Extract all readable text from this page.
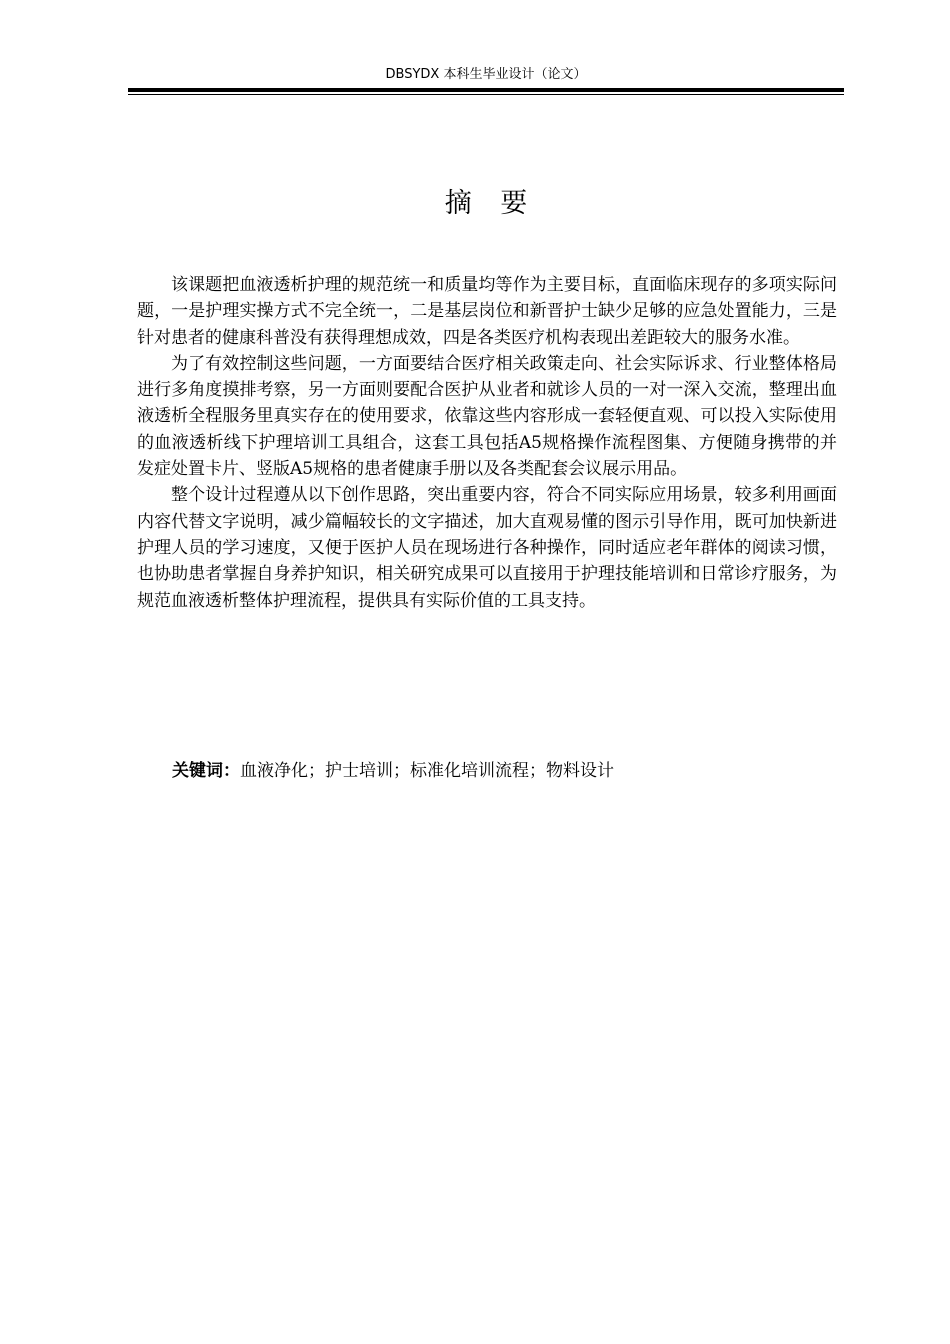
DBSYDX 本科生毕业设计（论文）
摘 要

该课题把血液透析护理的规范统一和质量均等作为主要目标，直面临床现存的多项实际问题，一是护理实操方式不完全统一，二是基层岗位和新晋护士缺少足够的应急处置能力，三是针对患者的健康科普没有获得理想成效，四是各类医疗机构表现出差距较大的服务水准。

为了有效控制这些问题，一方面要结合医疗相关政策走向、社会实际诉求、行业整体格局进行多角度摸排考察，另一方面则要配合医护从业者和就诊人员的一对一深入交流，整理出血液透析全程服务里真实存在的使用要求，依靠这些内容形成一套轻便直观、可以投入实际使用的血液透析线下护理培训工具组合，这套工具包括A5规格操作流程图集、方便随身携带的并发症处置卡片、竖版A5规格的患者健康手册以及各类配套会议展示用品。

整个设计过程遵从以下创作思路，突出重要内容，符合不同实际应用场景，较多利用画面内容代替文字说明，减少篇幅较长的文字描述，加大直观易懂的图示引导作用，既可加快新进护理人员的学习速度，又便于医护人员在现场进行各种操作，同时适应老年群体的阅读习惯，也协助患者掌握自身养护知识，相关研究成果可以直接用于护理技能培训和日常诊疗服务，为规范血液透析整体护理流程，提供具有实际价值的工具支持。

关键词：血液净化；护士培训；标准化培训流程；物料设计
